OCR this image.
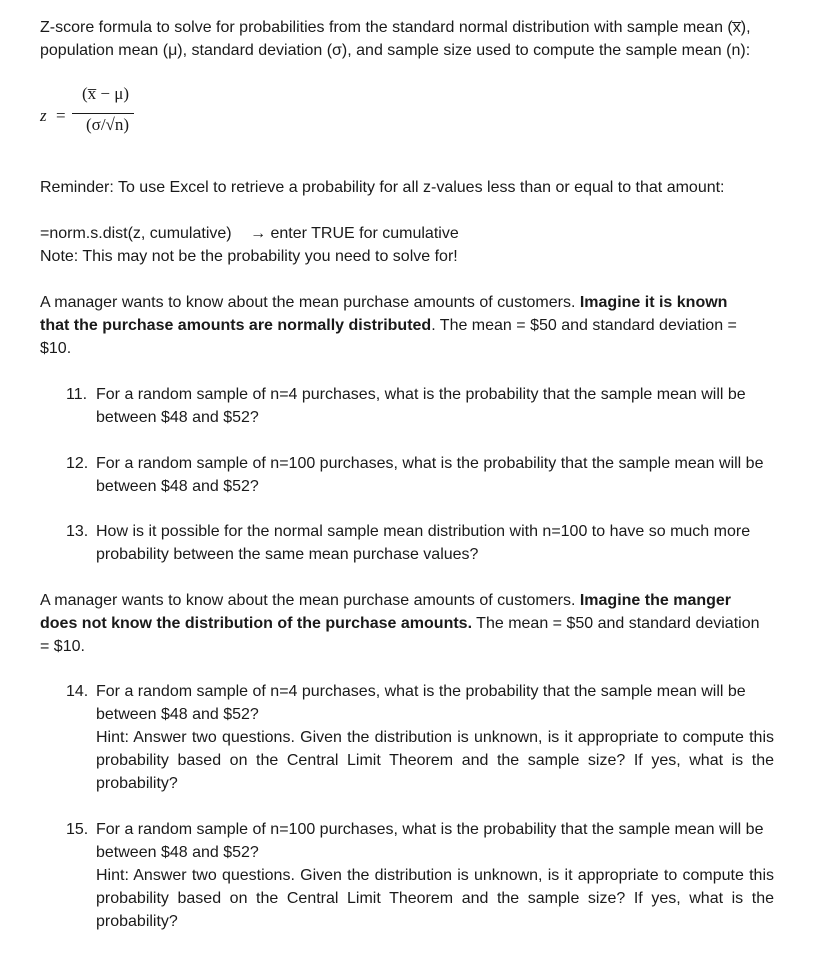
Z-score formula to solve for probabilities from the standard normal distribution with sample mean (x̅), population mean (μ), standard deviation (σ), and sample size used to compute the sample mean (n):
z =
(x̅ − μ)
(σ/√n)
Reminder: To use Excel to retrieve a probability for all z-values less than or equal to that amount:
=norm.s.dist(z, cumulative) → enter TRUE for cumulative
Note: This may not be the probability you need to solve for!
A manager wants to know about the mean purchase amounts of customers. Imagine it is known that the purchase amounts are normally distributed. The mean = $50 and standard deviation = $10.
11. For a random sample of n=4 purchases, what is the probability that the sample mean will be between $48 and $52?
12. For a random sample of n=100 purchases, what is the probability that the sample mean will be between $48 and $52?
13. How is it possible for the normal sample mean distribution with n=100 to have so much more probability between the same mean purchase values?
A manager wants to know about the mean purchase amounts of customers. Imagine the manger does not know the distribution of the purchase amounts. The mean = $50 and standard deviation = $10.
14. For a random sample of n=4 purchases, what is the probability that the sample mean will be between $48 and $52?
Hint: Answer two questions. Given the distribution is unknown, is it appropriate to compute this probability based on the Central Limit Theorem and the sample size? If yes, what is the probability?
15. For a random sample of n=100 purchases, what is the probability that the sample mean will be between $48 and $52?
Hint: Answer two questions. Given the distribution is unknown, is it appropriate to compute this probability based on the Central Limit Theorem and the sample size? If yes, what is the probability?
